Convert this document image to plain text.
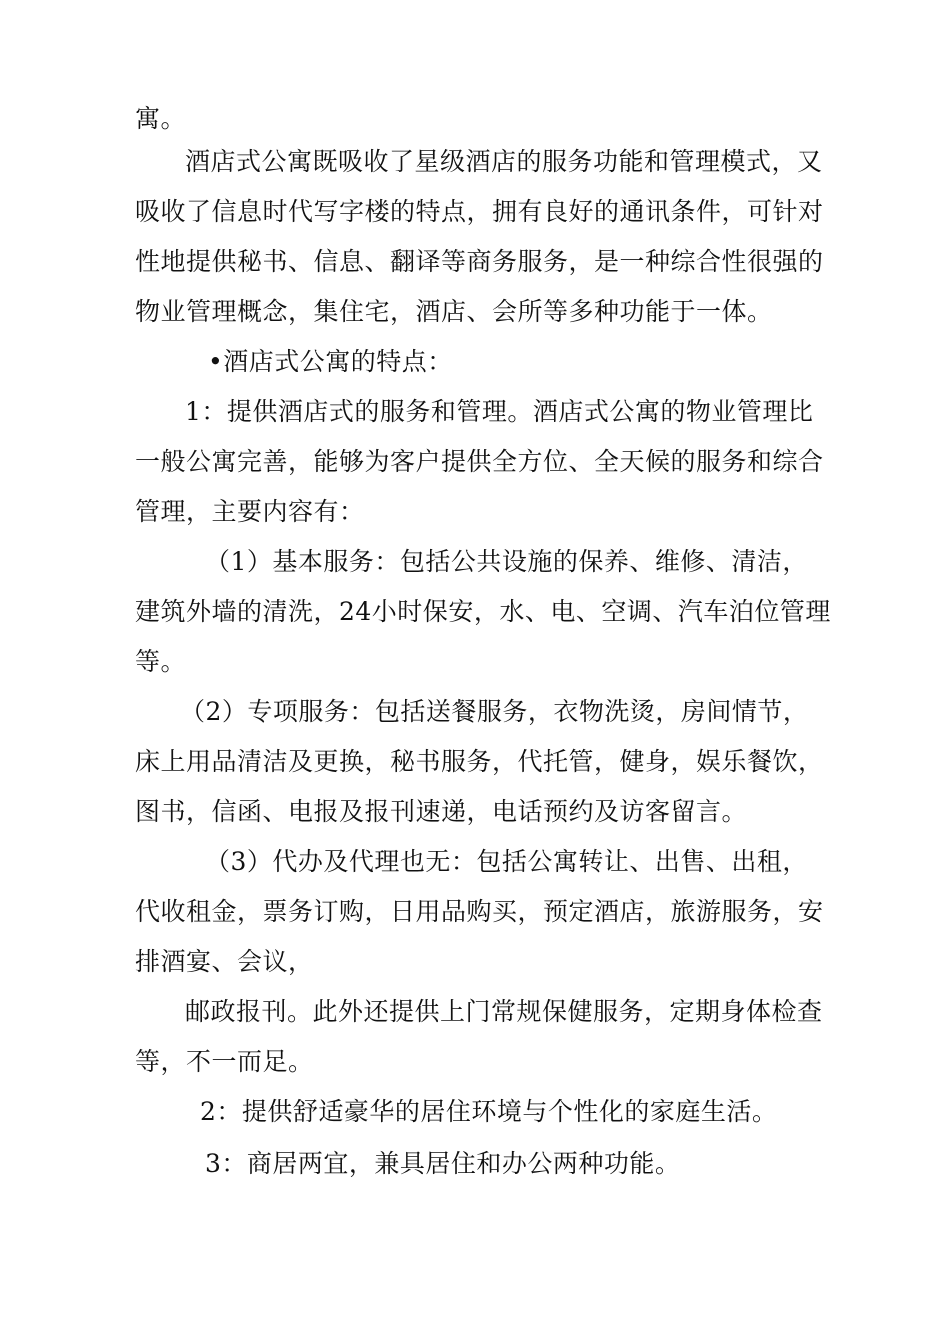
寓。
酒店式公寓既吸收了星级酒店的服务功能和管理模式，又
吸收了信息时代写字楼的特点，拥有良好的通讯条件，可针对
性地提供秘书、信息、翻译等商务服务，是一种综合性很强的
物业管理概念，集住宅，酒店、会所等多种功能于一体。
•酒店式公寓的特点：
1：提供酒店式的服务和管理。酒店式公寓的物业管理比
一般公寓完善，能够为客户提供全方位、全天候的服务和综合
管理，主要内容有：
（1）基本服务：包括公共设施的保养、维修、清洁，
建筑外墙的清洗，24小时保安，水、电、空调、汽车泊位管理
等。
（2）专项服务：包括送餐服务，衣物洗烫，房间情节，
床上用品清洁及更换，秘书服务，代托管，健身，娱乐餐饮，
图书，信函、电报及报刊速递，电话预约及访客留言。
（3）代办及代理也无：包括公寓转让、出售、出租，
代收租金，票务订购，日用品购买，预定酒店，旅游服务，安
排酒宴、会议，
邮政报刊。此外还提供上门常规保健服务，定期身体检查
等，不一而足。
2：提供舒适豪华的居住环境与个性化的家庭生活。
3：商居两宜，兼具居住和办公两种功能。
